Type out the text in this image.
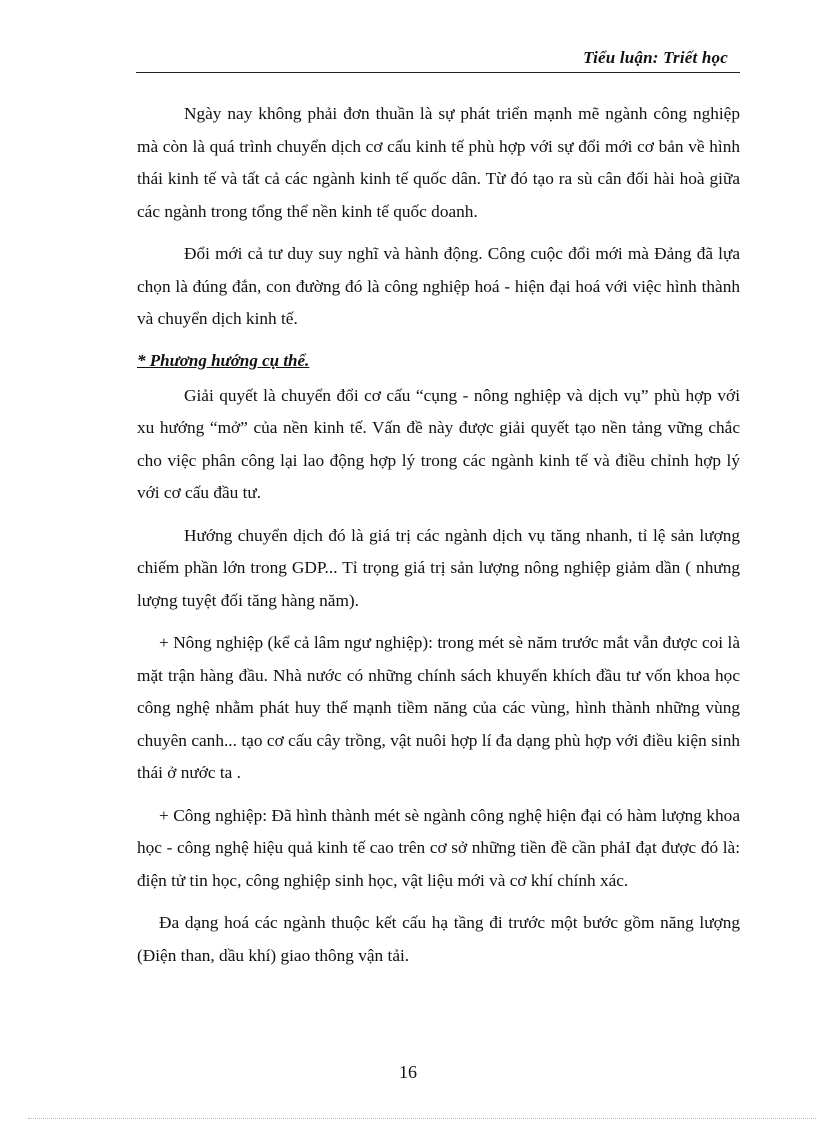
Tiểu luận: Triết học

Ngày nay không phải đơn thuần là sự phát triển mạnh mẽ ngành công nghiệp mà còn là quá trình chuyển dịch cơ cấu kinh tế phù hợp với sự đổi mới cơ bản về hình thái kinh tế và tất cả các ngành kinh tế quốc dân. Từ đó tạo ra sù cân đối hài hoà giữa các ngành trong tổng thể nền kinh tế quốc doanh.

Đổi mới cả tư duy suy nghĩ và hành động. Công cuộc đổi mới mà Đảng đã lựa chọn là đúng đắn, con đường đó là công nghiệp hoá - hiện đại hoá với việc hình thành và chuyển dịch kinh tế.

* Phương hướng cụ thể.

Giải quyết là chuyển đổi cơ cấu “cụng - nông nghiệp và dịch vụ” phù hợp với xu hướng “mở” của nền kinh tế. Vấn đề này được giải quyết tạo nền tảng vững chắc cho việc phân công lại lao động hợp lý trong các ngành kinh tế và điều chỉnh hợp lý với cơ cấu đầu tư.

Hướng chuyển dịch đó là giá trị các ngành dịch vụ tăng nhanh, tỉ lệ sản lượng chiếm phần lớn trong GDP... Tỉ trọng giá trị sản lượng nông nghiệp giảm dần ( nhưng lượng tuyệt đối tăng hàng năm).

+ Nông nghiệp (kể cả lâm ngư nghiệp): trong mét sè năm trước mắt vẫn được coi là mặt trận hàng đầu. Nhà nước có những chính sách khuyến khích đầu tư vốn khoa học công nghệ nhằm phát huy thế mạnh tiềm năng của các vùng, hình thành những vùng chuyên canh... tạo cơ cấu cây trồng, vật nuôi hợp lí đa dạng phù hợp với điều kiện sinh thái ở nước ta .

+ Công nghiệp: Đã hình thành mét sè ngành công nghệ hiện đại có hàm lượng khoa học - công nghệ hiệu quả kinh tế cao trên cơ sở những tiền đề cần phảI đạt được đó là: điện tử tin học, công nghiệp sinh học, vật liệu mới và cơ khí chính xác.

Đa dạng hoá các ngành thuộc kết cấu hạ tầng đi trước một bước gồm năng lượng (Điện than, dầu khí) giao thông vận tải.

16
